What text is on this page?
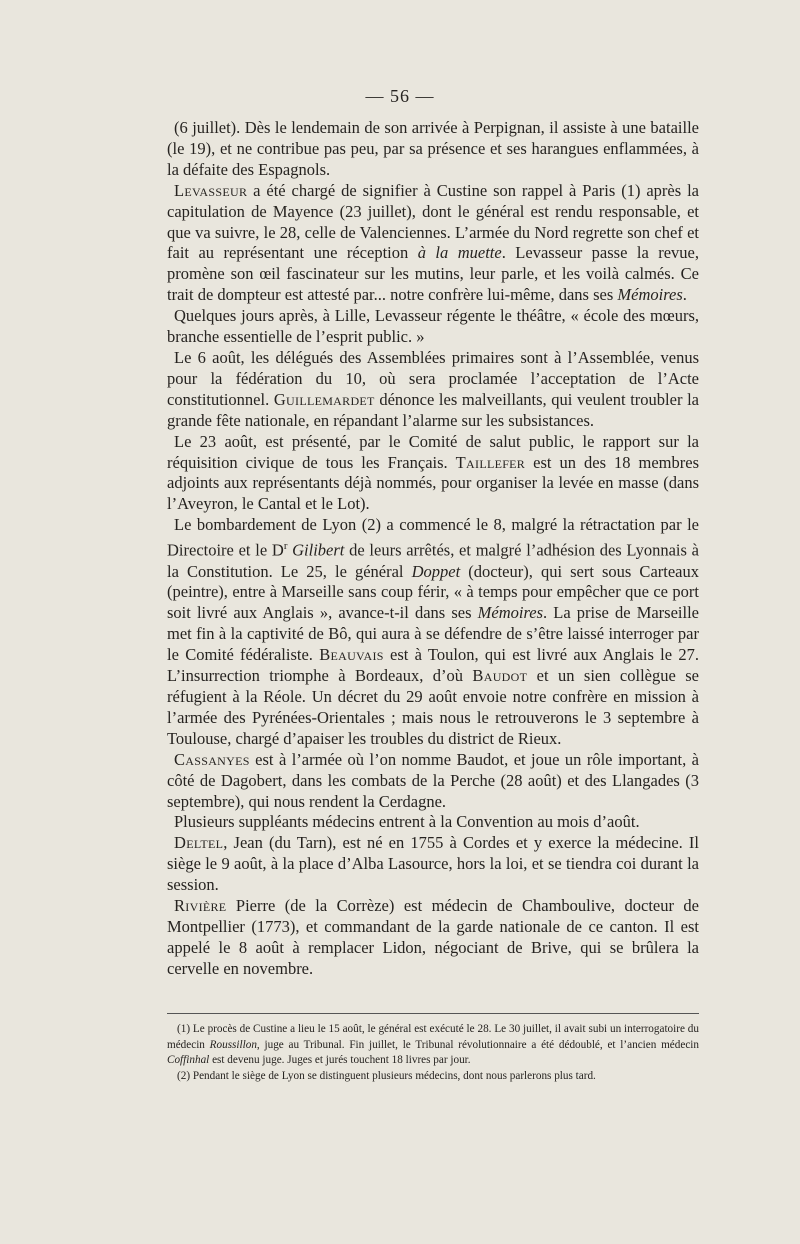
— 56 —

(6 juillet). Dès le lendemain de son arrivée à Perpignan, il assiste à une bataille (le 19), et ne contribue pas peu, par sa présence et ses harangues enflammées, à la défaite des Espagnols.

Levasseur a été chargé de signifier à Custine son rappel à Paris (1) après la capitulation de Mayence (23 juillet), dont le général est rendu responsable, et que va suivre, le 28, celle de Valenciennes. L’armée du Nord regrette son chef et fait au représentant une réception à la muette. Levasseur passe la revue, promène son œil fascinateur sur les mutins, leur parle, et les voilà calmés. Ce trait de dompteur est attesté par... notre confrère lui-même, dans ses Mémoires.

Quelques jours après, à Lille, Levasseur régente le théâtre, « école des mœurs, branche essentielle de l’esprit public. »

Le 6 août, les délégués des Assemblées primaires sont à l’Assemblée, venus pour la fédération du 10, où sera proclamée l’acceptation de l’Acte constitutionnel. Guillemardet dénonce les malveillants, qui veulent troubler la grande fête nationale, en répandant l’alarme sur les subsistances.

Le 23 août, est présenté, par le Comité de salut public, le rapport sur la réquisition civique de tous les Français. Taillefer est un des 18 membres adjoints aux représentants déjà nommés, pour organiser la levée en masse (dans l’Aveyron, le Cantal et le Lot).

Le bombardement de Lyon (2) a commencé le 8, malgré la rétractation par le Directoire et le $D^r$ Gilibert de leurs arrêtés, et malgré l’adhésion des Lyonnais à la Constitution. Le 25, le général Doppet (docteur), qui sert sous Carteaux (peintre), entre à Marseille sans coup férir, « à temps pour empêcher que ce port soit livré aux Anglais », avance-t-il dans ses Mémoires. La prise de Marseille met fin à la captivité de Bô, qui aura à se défendre de s’être laissé interroger par le Comité fédéraliste. Beauvais est à Toulon, qui est livré aux Anglais le 27. L’insurrection triomphe à Bordeaux, d’où Baudot et un sien collègue se réfugient à la Réole. Un décret du 29 août envoie notre confrère en mission à l’armée des Pyrénées-Orientales ; mais nous le retrouverons le 3 septembre à Toulouse, chargé d’apaiser les troubles du district de Rieux.

Cassanyes est à l’armée où l’on nomme Baudot, et joue un rôle important, à côté de Dagobert, dans les combats de la Perche (28 août) et des Llangades (3 septembre), qui nous rendent la Cerdagne.

Plusieurs suppléants médecins entrent à la Convention au mois d’août.

Deltel, Jean (du Tarn), est né en 1755 à Cordes et y exerce la médecine. Il siège le 9 août, à la place d’Alba Lasource, hors la loi, et se tiendra coi durant la session.

Rivière Pierre (de la Corrèze) est médecin de Chamboulive, docteur de Montpellier (1773), et commandant de la garde nationale de ce canton. Il est appelé le 8 août à remplacer Lidon, négociant de Brive, qui se brûlera la cervelle en novembre.

(1) Le procès de Custine a lieu le 15 août, le général est exécuté le 28. Le 30 juillet, il avait subi un interrogatoire du médecin Roussillon, juge au Tribunal. Fin juillet, le Tribunal révolutionnaire a été dédoublé, et l’ancien médecin Coffinhal est devenu juge. Juges et jurés touchent 18 livres par jour.

(2) Pendant le siège de Lyon se distinguent plusieurs médecins, dont nous parlerons plus tard.
